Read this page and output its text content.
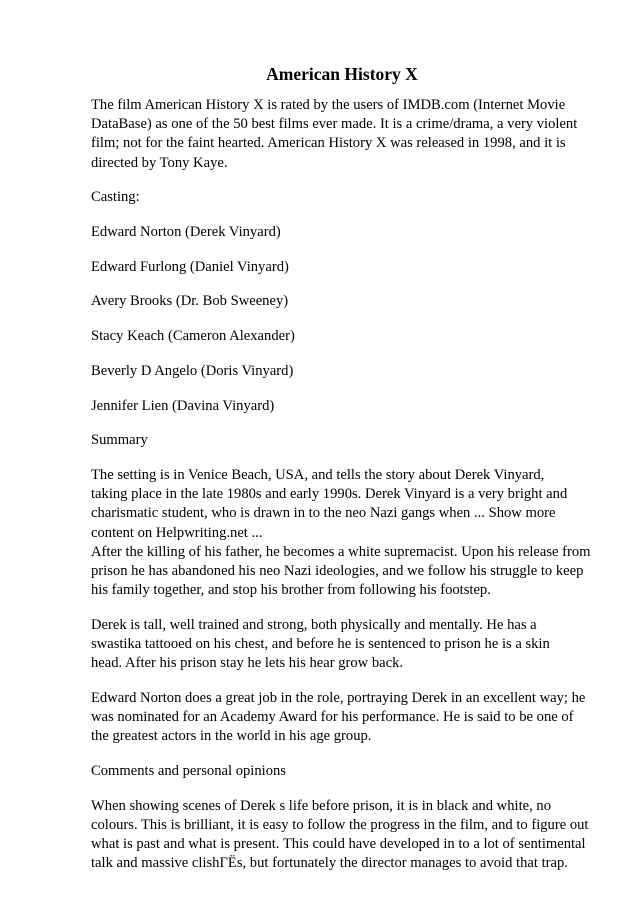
American History X

The film American History X is rated by the users of IMDB.com (Internet Movie
DataBase) as one of the 50 best films ever made. It is a crime/drama, a very violent
film; not for the faint hearted. American History X was released in 1998, and it is
directed by Tony Kaye.

Casting:

Edward Norton (Derek Vinyard)

Edward Furlong (Daniel Vinyard)

Avery Brooks (Dr. Bob Sweeney)

Stacy Keach (Cameron Alexander)

Beverly D Angelo (Doris Vinyard)

Jennifer Lien (Davina Vinyard)

Summary

The setting is in Venice Beach, USA, and tells the story about Derek Vinyard,
taking place in the late 1980s and early 1990s. Derek Vinyard is a very bright and
charismatic student, who is drawn in to the neo Nazi gangs when ... Show more
content on Helpwriting.net ...

After the killing of his father, he becomes a white supremacist. Upon his release from
prison he has abandoned his neo Nazi ideologies, and we follow his struggle to keep
his family together, and stop his brother from following his footstep.

Derek is tall, well trained and strong, both physically and mentally. He has a
swastika tattooed on his chest, and before he is sentenced to prison he is a skin
head. After his prison stay he lets his hear grow back.

Edward Norton does a great job in the role, portraying Derek in an excellent way; he
was nominated for an Academy Award for his performance. He is said to be one of
the greatest actors in the world in his age group.

Comments and personal opinions

When showing scenes of Derek s life before prison, it is in black and white, no
colours. This is brilliant, it is easy to follow the progress in the film, and to figure out
what is past and what is present. This could have developed in to a lot of sentimental
talk and massive clishΓËs, but fortunately the director manages to avoid that trap.
